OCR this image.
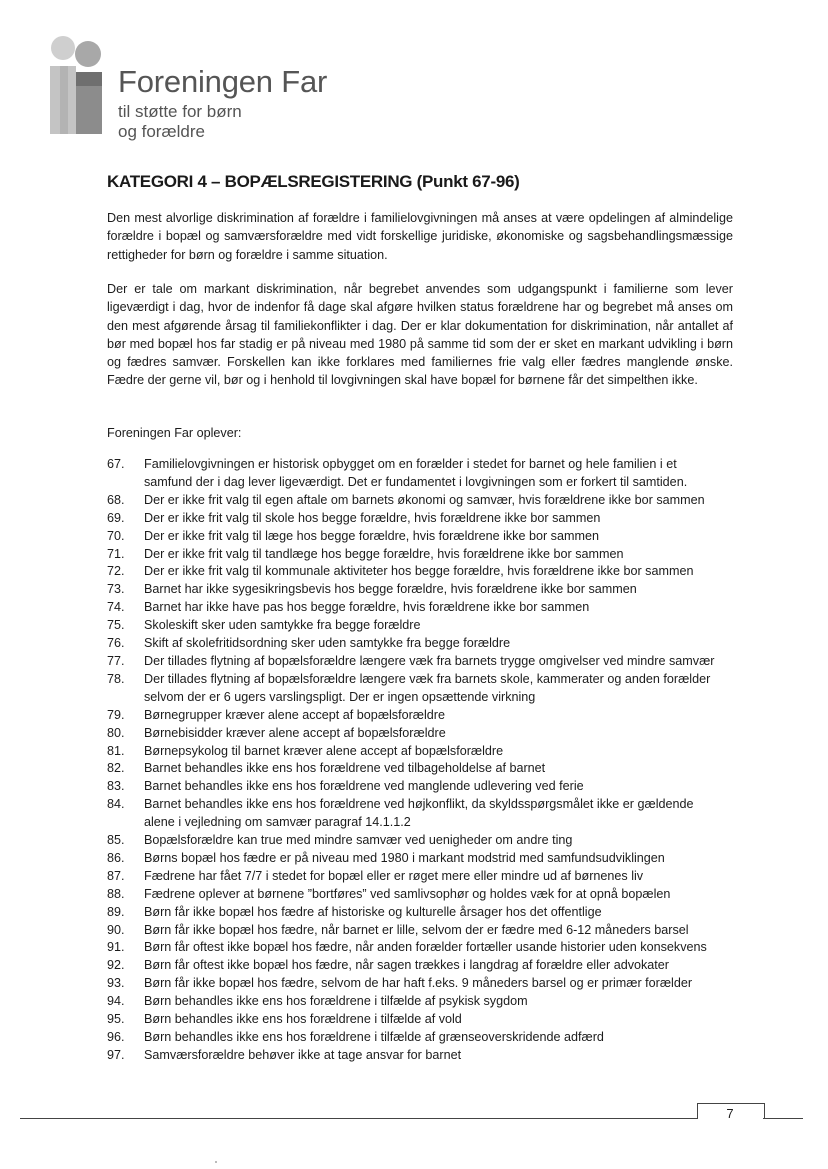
Foreningen Far
til støtte for børn
og forældre
KATEGORI 4 – BOPÆLSREGISTERING (Punkt 67-96)

Den mest alvorlige diskrimination af forældre i familielovgivningen må anses at være opdelingen af almindelige forældre i bopæl og samværsforældre med vidt forskellige juridiske, økonomiske og sagsbehandlingsmæssige rettigheder for børn og forældre i samme situation.

Der er tale om markant diskrimination, når begrebet anvendes som udgangspunkt i familierne som lever ligeværdigt i dag, hvor de indenfor få dage skal afgøre hvilken status forældrene har og begrebet må anses om den mest afgørende årsag til familiekonflikter i dag. Der er klar dokumentation for diskrimination, når antallet af bør med bopæl hos far stadig er på niveau med 1980 på samme tid som der er sket en markant udvikling i børn og fædres samvær. Forskellen kan ikke forklares med familiernes frie valg eller fædres manglende ønske. Fædre der gerne vil, bør og i henhold til lovgivningen skal have bopæl for børnene får det simpelthen ikke.

Foreningen Far oplever:

67.	Familielovgivningen er historisk opbygget om en forælder i stedet for barnet og hele familien i et
samfund der i dag lever ligeværdigt. Det er fundamentet i lovgivningen som er forkert til samtiden.
68.	Der er ikke frit valg til egen aftale om barnets økonomi og samvær, hvis forældrene ikke bor sammen
69.	Der er ikke frit valg til skole hos begge forældre, hvis forældrene ikke bor sammen
70.	Der er ikke frit valg til læge hos begge forældre, hvis forældrene ikke bor sammen
71.	Der er ikke frit valg til tandlæge hos begge forældre, hvis forældrene ikke bor sammen
72.	Der er ikke frit valg til kommunale aktiviteter hos begge forældre, hvis forældrene ikke bor sammen
73.	Barnet har ikke sygesikringsbevis hos begge forældre, hvis forældrene ikke bor sammen
74.	Barnet har ikke have pas hos begge forældre, hvis forældrene ikke bor sammen
75.	Skoleskift sker uden samtykke fra begge forældre
76.	Skift af skolefritidsordning sker uden samtykke fra begge forældre
77.	Der tillades flytning af bopælsforældre længere væk fra barnets trygge omgivelser ved mindre samvær
78.	Der tillades flytning af bopælsforældre længere væk fra barnets skole, kammerater og anden forælder
selvom der er 6 ugers varslingspligt. Der er ingen opsættende virkning
79.	Børnegrupper kræver alene accept af bopælsforældre
80.	Børnebisidder kræver alene accept af bopælsforældre
81.	Børnepsykolog til barnet kræver alene accept af bopælsforældre
82.	Barnet behandles ikke ens hos forældrene ved tilbageholdelse af barnet
83.	Barnet behandles ikke ens hos forældrene ved manglende udlevering ved ferie
84.	Barnet behandles ikke ens hos forældrene ved højkonflikt, da skyldsspørgsmålet ikke er gældende
alene i vejledning om samvær paragraf 14.1.1.2
85.	Bopælsforældre kan true med mindre samvær ved uenigheder om andre ting
86.	Børns bopæl hos fædre er på niveau med 1980 i markant modstrid med samfundsudviklingen
87.	Fædrene har fået 7/7 i stedet for bopæl eller er røget mere eller mindre ud af børnenes liv
88.	Fædrene oplever at børnene ”bortføres” ved samlivsophør og holdes væk for at opnå bopælen
89.	Børn får ikke bopæl hos fædre af historiske og kulturelle årsager hos det offentlige
90.	Børn får ikke bopæl hos fædre, når barnet er lille, selvom der er fædre med 6-12 måneders barsel
91.	Børn får oftest ikke bopæl hos fædre, når anden forælder fortæller usande historier uden konsekvens
92.	Børn får oftest ikke bopæl hos fædre, når sagen trækkes i langdrag af forældre eller advokater
93.	Børn får ikke bopæl hos fædre, selvom de har haft f.eks. 9 måneders barsel og er primær forælder
94.	Børn behandles ikke ens hos forældrene i tilfælde af psykisk sygdom
95.	Børn behandles ikke ens hos forældrene i tilfælde af vold
96.	Børn behandles ikke ens hos forældrene i tilfælde af grænseoverskridende adfærd
97.	Samværsforældre behøver ikke at tage ansvar for barnet
7
